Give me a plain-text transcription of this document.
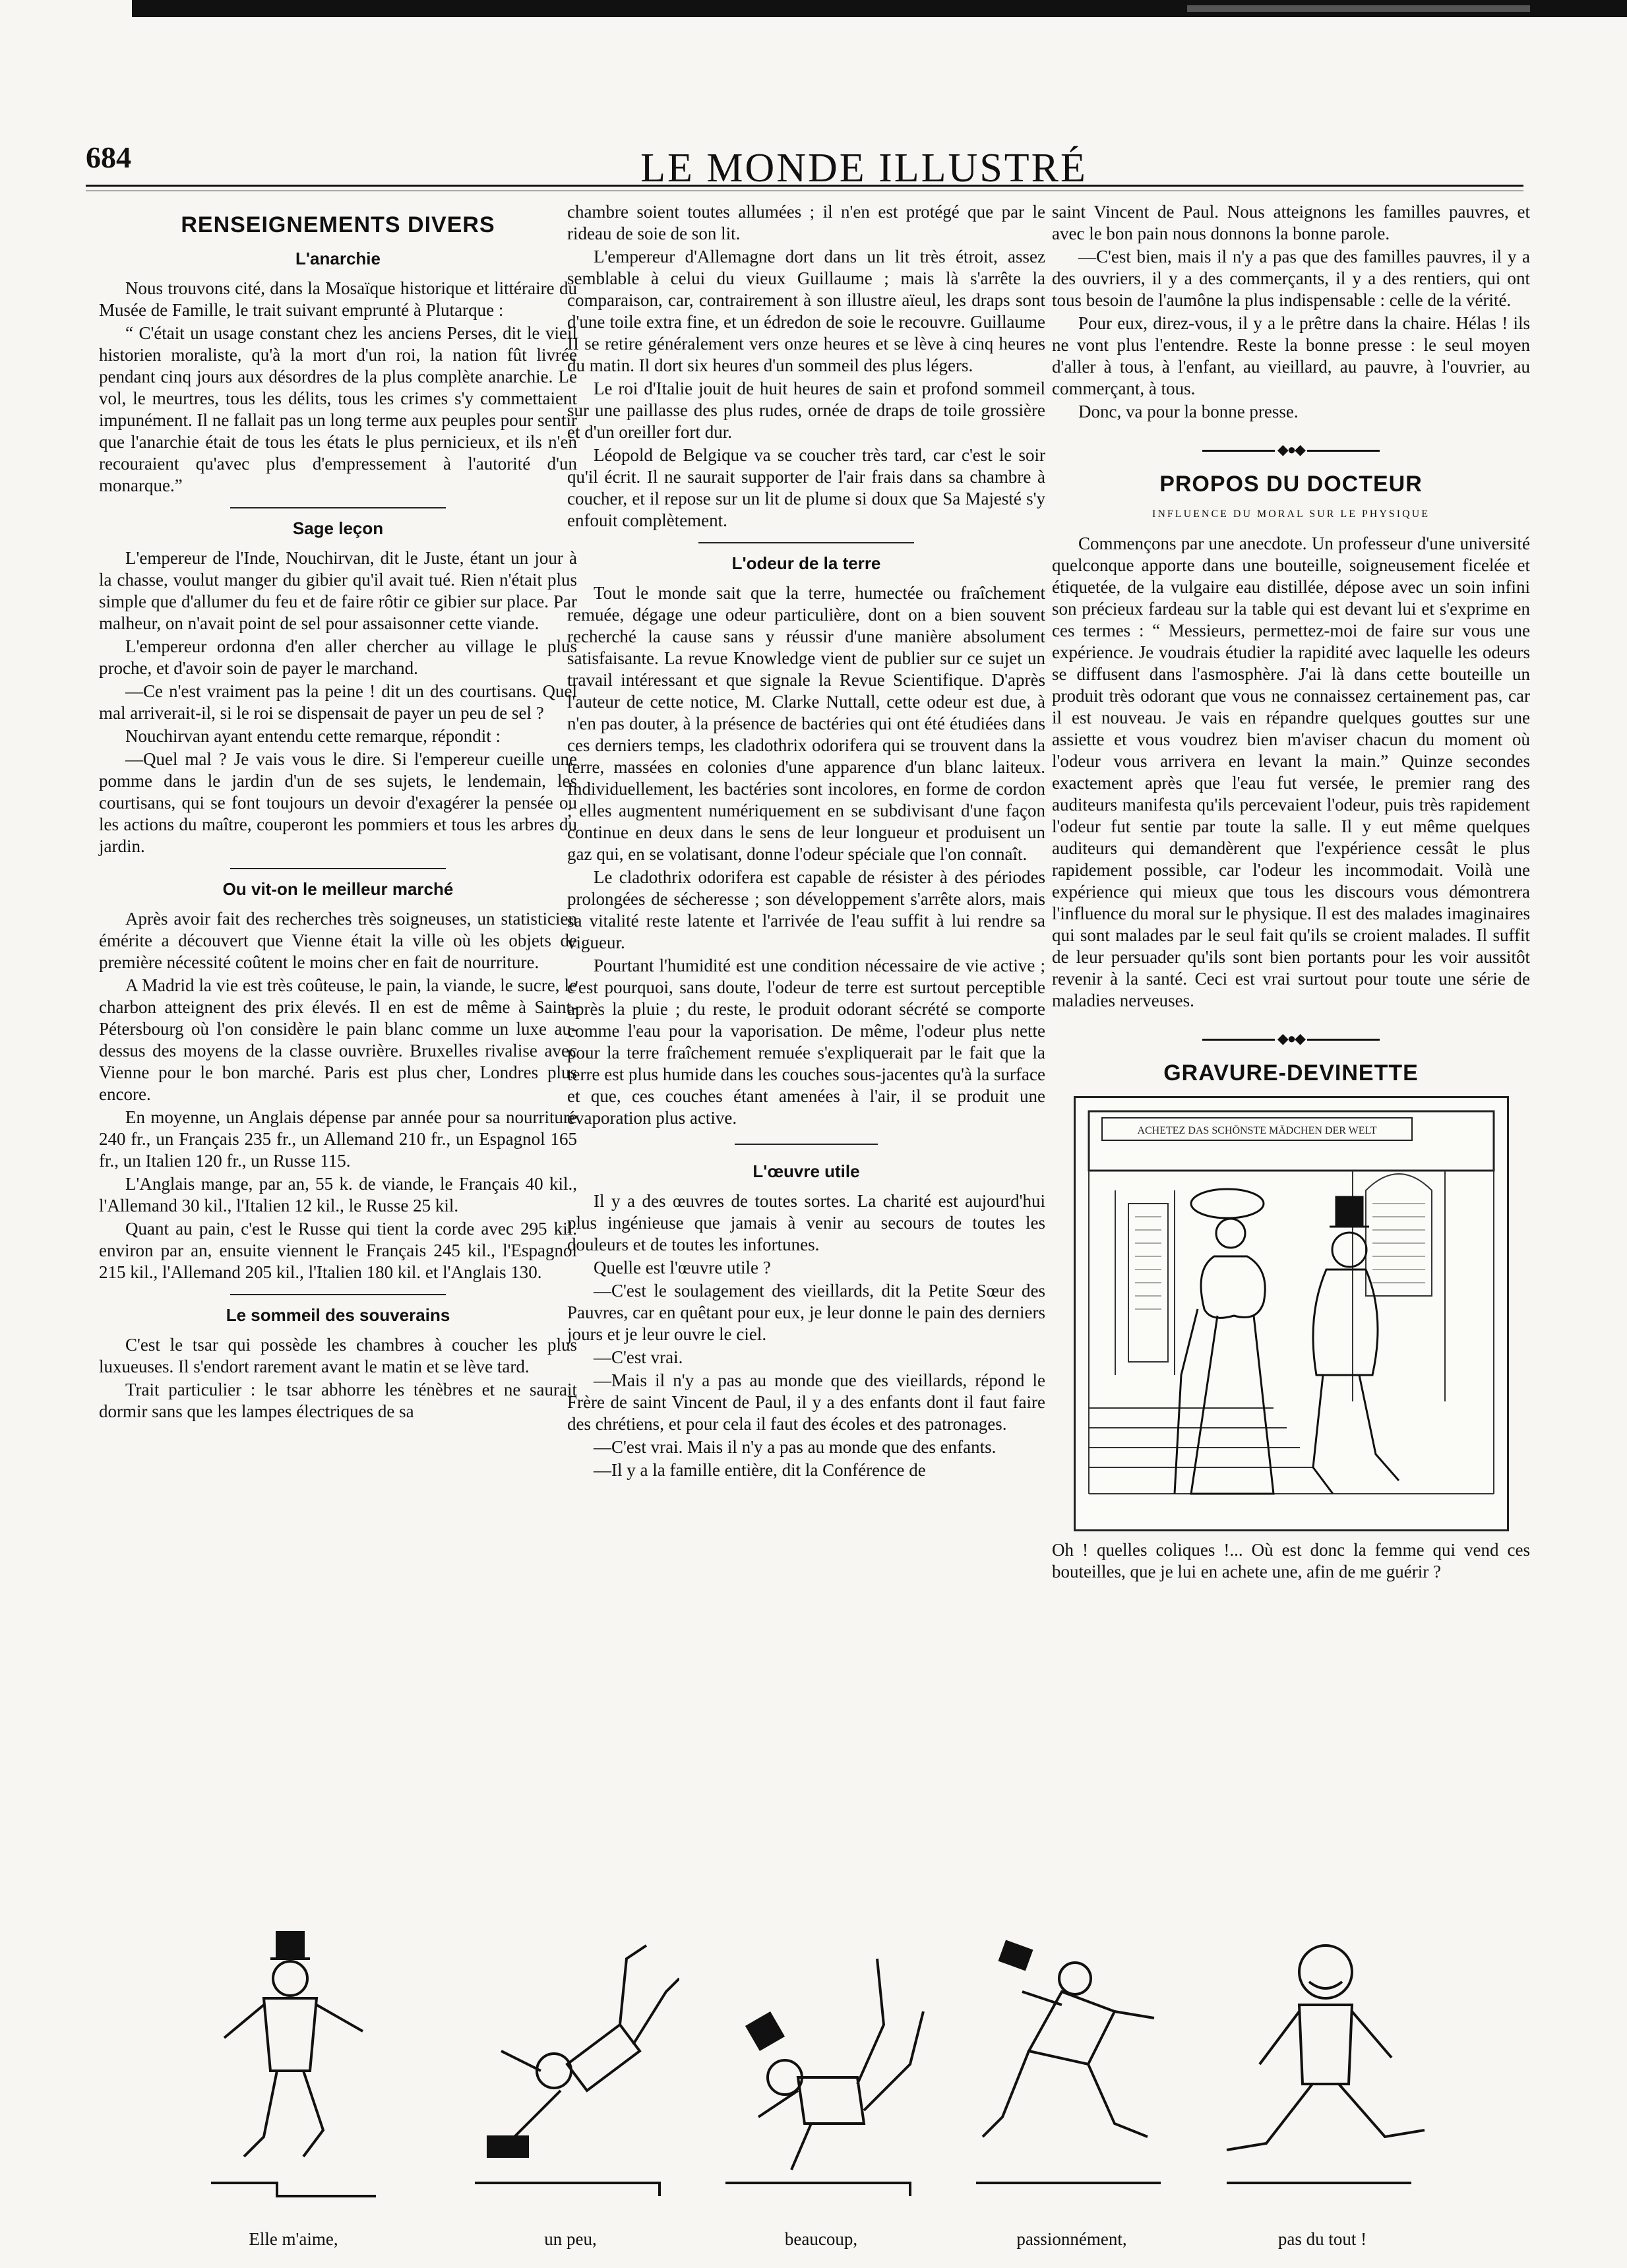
684	LE MONDE ILLUSTRÉ
RENSEIGNEMENTS DIVERS
L'anarchie

Nous trouvons cité, dans la Mosaïque historique et littéraire du Musée de Famille, le trait suivant emprunté à Plutarque :

“ C'était un usage constant chez les anciens Perses, dit le vieil historien moraliste, qu'à la mort d'un roi, la nation fût livrée pendant cinq jours aux désordres de la plus complète anarchie. Le vol, le meurtres, tous les délits, tous les crimes s'y commettaient impunément. Il ne fallait pas un long terme aux peuples pour sentir que l'anarchie était de tous les états le plus pernicieux, et ils n'en recouraient qu'avec plus d'empressement à l'autorité d'un monarque.”

Sage leçon

L'empereur de l'Inde, Nouchirvan, dit le Juste, étant un jour à la chasse, voulut manger du gibier qu'il avait tué. Rien n'était plus simple que d'allumer du feu et de faire rôtir ce gibier sur place. Par malheur, on n'avait point de sel pour assaisonner cette viande.

L'empereur ordonna d'en aller chercher au village le plus proche, et d'avoir soin de payer le marchand.

—Ce n'est vraiment pas la peine ! dit un des courtisans. Quel mal arriverait-il, si le roi se dispensait de payer un peu de sel ?

Nouchirvan ayant entendu cette remarque, répondit :

—Quel mal ? Je vais vous le dire. Si l'empereur cueille une pomme dans le jardin d'un de ses sujets, le lendemain, les courtisans, qui se font toujours un devoir d'exagérer la pensée ou les actions du maître, couperont les pommiers et tous les arbres du jardin.

Ou vit-on le meilleur marché

Après avoir fait des recherches très soigneuses, un statisticien émérite a découvert que Vienne était la ville où les objets de première nécessité coûtent le moins cher en fait de nourriture.

A Madrid la vie est très coûteuse, le pain, la viande, le sucre, le charbon atteignent des prix élevés. Il en est de même à Saint-Pétersbourg où l'on considère le pain blanc comme un luxe au-dessus des moyens de la classe ouvrière. Bruxelles rivalise avec Vienne pour le bon marché. Paris est plus cher, Londres plus encore.

En moyenne, un Anglais dépense par année pour sa nourriture 240 fr., un Français 235 fr., un Allemand 210 fr., un Espagnol 165 fr., un Italien 120 fr., un Russe 115.

L'Anglais mange, par an, 55 k. de viande, le Français 40 kil., l'Allemand 30 kil., l'Italien 12 kil., le Russe 25 kil.

Quant au pain, c'est le Russe qui tient la corde avec 295 kil. environ par an, ensuite viennent le Français 245 kil., l'Espagnol 215 kil., l'Allemand 205 kil., l'Italien 180 kil. et l'Anglais 130.

Le sommeil des souverains

C'est le tsar qui possède les chambres à coucher les plus luxueuses. Il s'endort rarement avant le matin et se lève tard.

Trait particulier : le tsar abhorre les ténèbres et ne saurait dormir sans que les lampes électriques de sa

chambre soient toutes allumées ; il n'en est protégé que par le rideau de soie de son lit.

L'empereur d'Allemagne dort dans un lit très étroit, assez semblable à celui du vieux Guillaume ; mais là s'arrête la comparaison, car, contrairement à son illustre aïeul, les draps sont d'une toile extra fine, et un édredon de soie le recouvre. Guillaume II se retire généralement vers onze heures et se lève à cinq heures du matin. Il dort six heures d'un sommeil des plus légers.

Le roi d'Italie jouit de huit heures de sain et profond sommeil sur une paillasse des plus rudes, ornée de draps de toile grossière et d'un oreiller fort dur.

Léopold de Belgique va se coucher très tard, car c'est le soir qu'il écrit. Il ne saurait supporter de l'air frais dans sa chambre à coucher, et il repose sur un lit de plume si doux que Sa Majesté s'y enfouit complètement.

L'odeur de la terre

Tout le monde sait que la terre, humectée ou fraîchement remuée, dégage une odeur particulière, dont on a bien souvent recherché la cause sans y réussir d'une manière absolument satisfaisante. La revue Knowledge vient de publier sur ce sujet un travail intéressant et que signale la Revue Scientifique. D'après l'auteur de cette notice, M. Clarke Nuttall, cette odeur est due, à n'en pas douter, à la présence de bactéries qui ont été étudiées dans ces derniers temps, les cladothrix odorifera qui se trouvent dans la terre, massées en colonies d'une apparence d'un blanc laiteux. Individuellement, les bactéries sont incolores, en forme de cordon ; elles augmentent numériquement en se subdivisant d'une façon continue en deux dans le sens de leur longueur et produisent un gaz qui, en se volatisant, donne l'odeur spéciale que l'on connaît.

Le cladothrix odorifera est capable de résister à des périodes prolongées de sécheresse ; son développement s'arrête alors, mais sa vitalité reste latente et l'arrivée de l'eau suffit à lui rendre sa vigueur.

Pourtant l'humidité est une condition nécessaire de vie active ; c'est pourquoi, sans doute, l'odeur de terre est surtout perceptible après la pluie ; du reste, le produit odorant sécrété se comporte comme l'eau pour la vaporisation. De même, l'odeur plus nette pour la terre fraîchement remuée s'expliquerait par le fait que la terre est plus humide dans les couches sous-jacentes qu'à la surface et que, ces couches étant amenées à l'air, il se produit une évaporation plus active.

L'œuvre utile

Il y a des œuvres de toutes sortes. La charité est aujourd'hui plus ingénieuse que jamais à venir au secours de toutes les douleurs et de toutes les infortunes.

Quelle est l'œuvre utile ?

—C'est le soulagement des vieillards, dit la Petite Sœur des Pauvres, car en quêtant pour eux, je leur donne le pain des derniers jours et je leur ouvre le ciel.

—C'est vrai.

—Mais il n'y a pas au monde que des vieillards, répond le Frère de saint Vincent de Paul, il y a des enfants dont il faut faire des chrétiens, et pour cela il faut des écoles et des patronages.

—C'est vrai. Mais il n'y a pas au monde que des enfants.

—Il y a la famille entière, dit la Conférence de

saint Vincent de Paul. Nous atteignons les familles pauvres, et avec le bon pain nous donnons la bonne parole.

—C'est bien, mais il n'y a pas que des familles pauvres, il y a des ouvriers, il y a des commerçants, il y a des rentiers, qui ont tous besoin de l'aumône la plus indispensable : celle de la vérité.

Pour eux, direz-vous, il y a le prêtre dans la chaire. Hélas ! ils ne vont plus l'entendre. Reste la bonne presse : le seul moyen d'aller à tous, à l'enfant, au vieillard, au pauvre, à l'ouvrier, au commerçant, à tous.

Donc, va pour la bonne presse.

◆●◆
PROPOS DU DOCTEUR
INFLUENCE DU MORAL SUR LE PHYSIQUE

Commençons par une anecdote. Un professeur d'une université quelconque apporte dans une bouteille, soigneusement ficelée et étiquetée, de la vulgaire eau distillée, dépose avec un soin infini son précieux fardeau sur la table qui est devant lui et s'exprime en ces termes : “ Messieurs, permettez-moi de faire sur vous une expérience. Je voudrais étudier la rapidité avec laquelle les odeurs se diffusent dans l'asmosphère. J'ai là dans cette bouteille un produit très odorant que vous ne connaissez certainement pas, car il est nouveau. Je vais en répandre quelques gouttes sur une assiette et vous voudrez bien m'aviser chacun du moment où l'odeur vous arrivera en levant la main.” Quinze secondes exactement après que l'eau fut versée, le premier rang des auditeurs manifesta qu'ils percevaient l'odeur, puis très rapidement l'odeur fut sentie par toute la salle. Il y eut même quelques auditeurs qui demandèrent que l'expérience cessât le plus rapidement possible, car l'odeur les incommodait. Voilà une expérience qui mieux que tous les discours vous démontrera l'influence du moral sur le physique. Il est des malades imaginaires qui sont malades par le seul fait qu'ils se croient malades. Il suffit de leur persuader qu'ils sont bien portants pour les voir aussitôt revenir à la santé. Ceci est vrai surtout pour toute une série de maladies nerveuses.

◆●◆
GRAVURE-DEVINETTE
ACHETEZ DAS SCHÖNSTE MÄDCHEN DER WELT

Oh ! quelles coliques !... Où est donc la femme qui vend ces bouteilles, que je lui en achete une, afin de me guérir ?

Elle m'aime,	un peu,	beaucoup,	passionnément,	pas du tout !
